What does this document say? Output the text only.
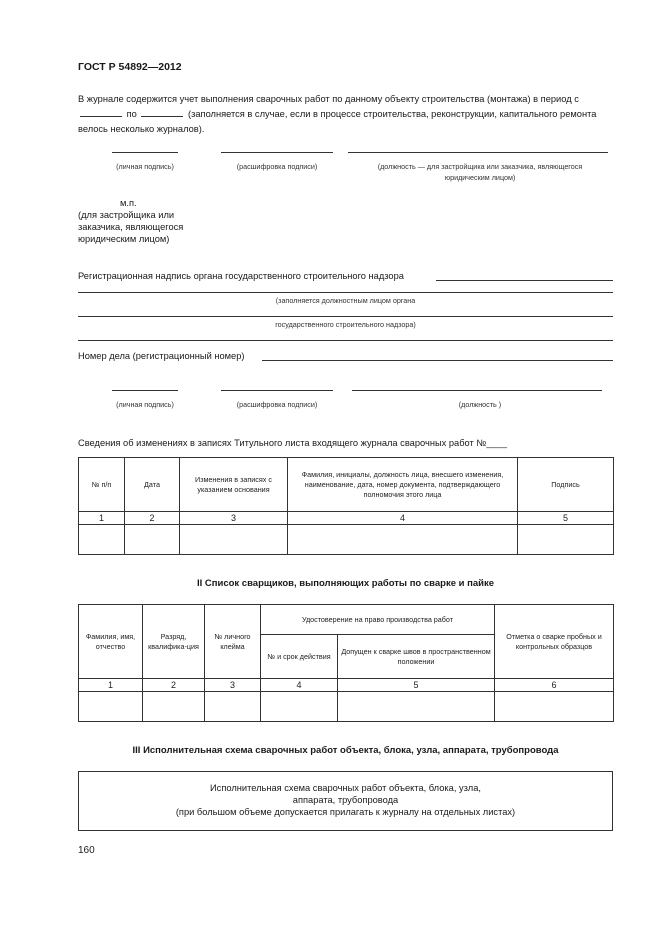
ГОСТ Р 54892—2012
В журнале содержится учет выполнения сварочных работ по данному объекту строительства (монтажа) в период с  по	(заполняется в случае, если в процессе строительства, реконструкции, капитального ремонта велось несколько журналов).
(личная подпись)	(расшифровка подписи)	(должность — для застройщика или заказчика, являющегося
юридическим лицом)
м.п.
(для застройщика или
заказчика, являющегося
юридическим лицом)
Регистрационная надпись органа государственного строительного надзора
(заполняется должностным лицом органа
государственного строительного надзора)
Номер дела (регистрационный номер)
(личная подпись)	(расшифровка подписи)	(должность )
Сведения об изменениях в записях Титульного листа входящего журнала сварочных работ №____
№ п/п	Дата	Изменения в записях с указанием основания	Фамилия, инициалы, должность лица, внесшего изменения, наименование, дата, номер документа, подтверждающего полномочия этого лица	Подпись
1	2	3	4	5

II Список сварщиков, выполняющих работы по сварке и пайке
Фамилия, имя, отчество	Разряд, квалифика-ция	№ личного клейма	Удостоверение на право производства работ		Отметка о сварке пробных и контрольных образцов
			№ и срок действия	Допущен к сварке швов в пространственном положении	
1	2	3	4	5	6

III Исполнительная схема сварочных работ объекта, блока, узла, аппарата, трубопровода
Исполнительная схема сварочных работ объекта, блока, узла,
аппарата, трубопровода
(при большом объеме допускается прилагать к журналу на отдельных листах)
160
